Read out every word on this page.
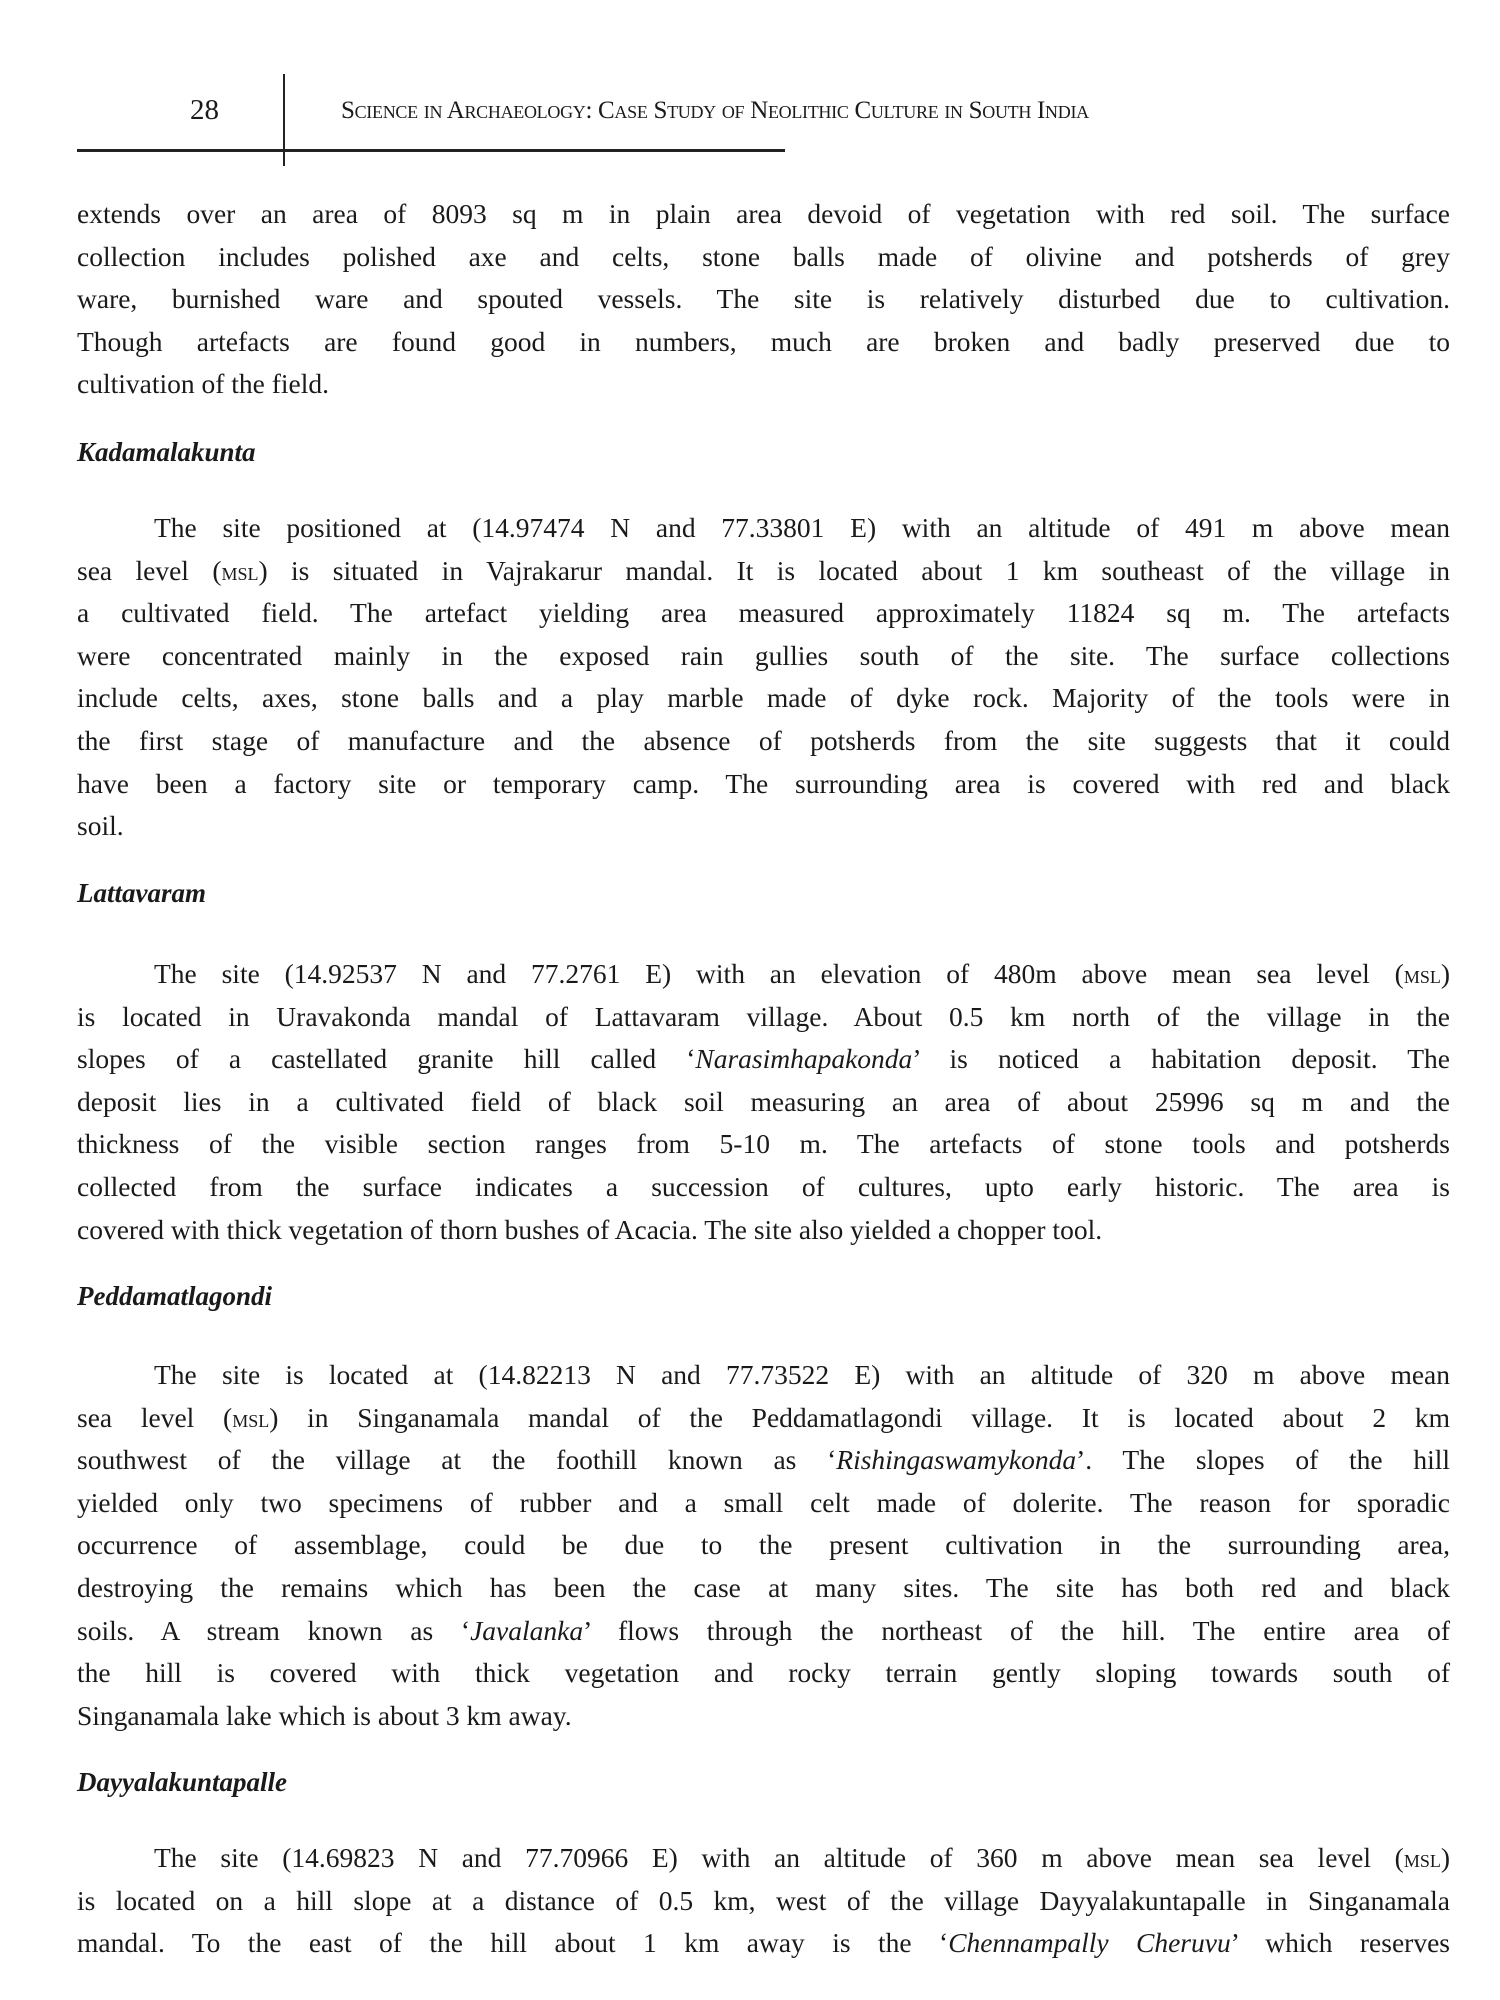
28	Science in Archaeology: Case Study of Neolithic Culture in South India
extends over an area of 8093 sq m in plain area devoid of vegetation with red soil. The surface
collection includes polished axe and celts, stone balls made of olivine and potsherds of grey
ware, burnished ware and spouted vessels. The site is relatively disturbed due to cultivation.
Though artefacts are found good in numbers, much are broken and badly preserved due to
cultivation of the field.
Kadamalakunta
The site positioned at (14.97474 N and 77.33801 E) with an altitude of 491 m above mean
sea level (msl) is situated in Vajrakarur mandal. It is located about 1 km southeast of the village in
a cultivated field. The artefact yielding area measured approximately 11824 sq m. The artefacts
were concentrated mainly in the exposed rain gullies south of the site. The surface collections
include celts, axes, stone balls and a play marble made of dyke rock. Majority of the tools were in
the first stage of manufacture and the absence of potsherds from the site suggests that it could
have been a factory site or temporary camp. The surrounding area is covered with red and black
soil.
Lattavaram
The site (14.92537 N and 77.2761 E) with an elevation of 480m above mean sea level (msl)
is located in Uravakonda mandal of Lattavaram village. About 0.5 km north of the village in the
slopes of a castellated granite hill called ‘Narasimhapakonda’ is noticed a habitation deposit. The
deposit lies in a cultivated field of black soil measuring an area of about 25996 sq m and the
thickness of the visible section ranges from 5-10 m. The artefacts of stone tools and potsherds
collected from the surface indicates a succession of cultures, upto early historic. The area is
covered with thick vegetation of thorn bushes of Acacia. The site also yielded a chopper tool.
Peddamatlagondi
The site is located at (14.82213 N and 77.73522 E) with an altitude of 320 m above mean
sea level (msl) in Singanamala mandal of the Peddamatlagondi village. It is located about 2 km
southwest of the village at the foothill known as ‘Rishingaswamykonda’. The slopes of the hill
yielded only two specimens of rubber and a small celt made of dolerite. The reason for sporadic
occurrence of assemblage, could be due to the present cultivation in the surrounding area,
destroying the remains which has been the case at many sites. The site has both red and black
soils. A stream known as ‘Javalanka’ flows through the northeast of the hill. The entire area of
the hill is covered with thick vegetation and rocky terrain gently sloping towards south of
Singanamala lake which is about 3 km away.
Dayyalakuntapalle
The site (14.69823 N and 77.70966 E) with an altitude of 360 m above mean sea level (msl)
is located on a hill slope at a distance of 0.5 km, west of the village Dayyalakuntapalle in Singanamala
mandal. To the east of the hill about 1 km away is the ‘Chennampally Cheruvu’ which reserves
